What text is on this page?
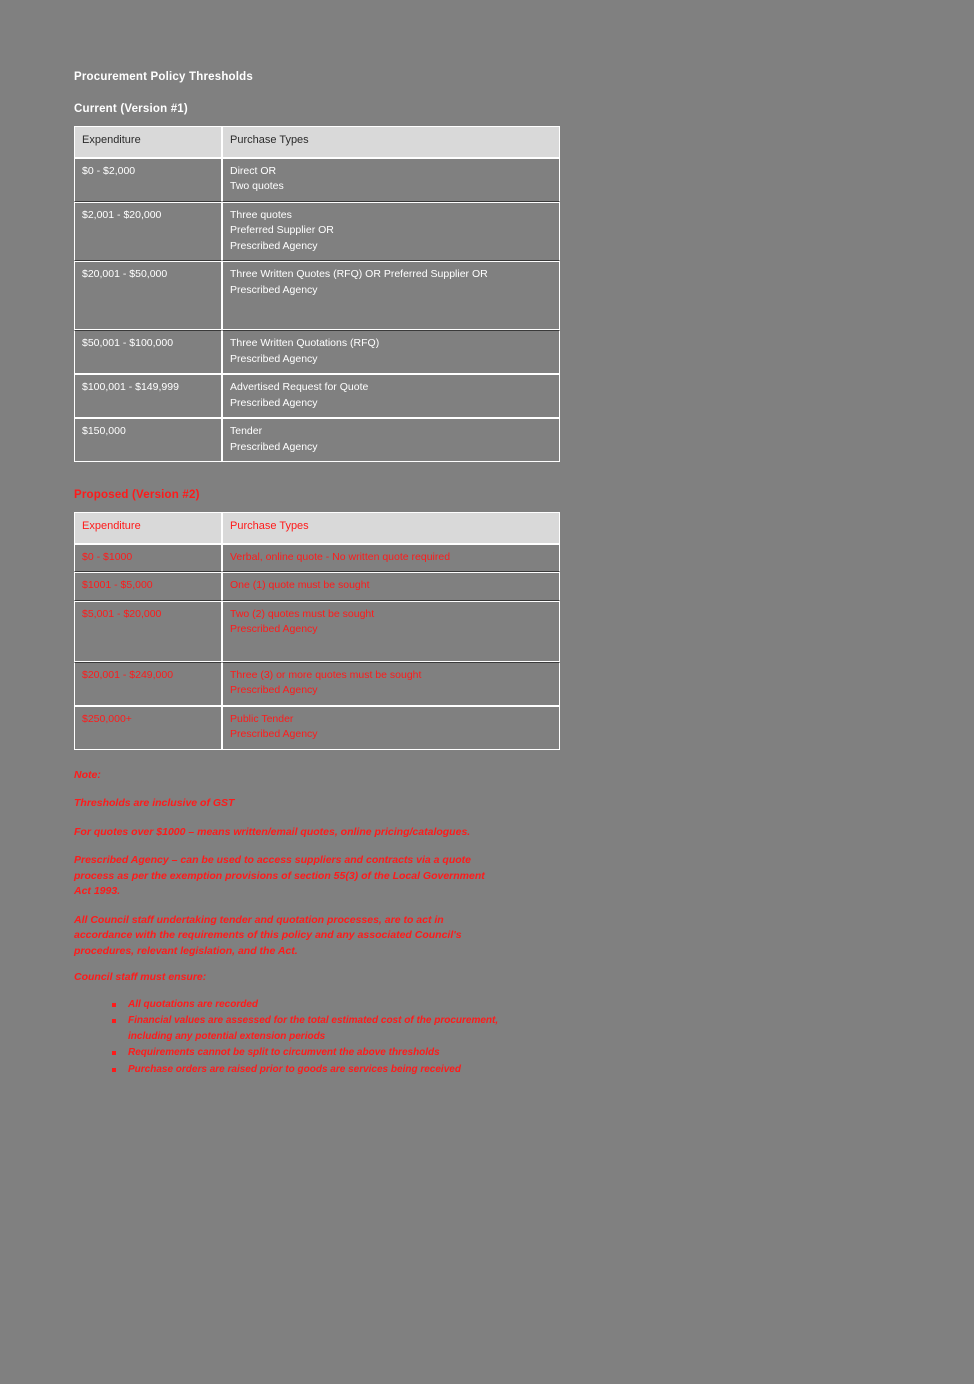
Procurement Policy Thresholds
Current (Version #1)
Expenditure	Purchase Types
$0 - $2,000	Direct OR
Two quotes

$2,001 - $20,000	Three quotes
Preferred Supplier OR
Prescribed Agency

$20,001 - $50,000	Three Written Quotes (RFQ) OR Preferred Supplier OR
Prescribed Agency

$50,001 - $100,000	Three Written Quotations (RFQ)
Prescribed Agency

$100,001 - $149,999	Advertised Request for Quote
Prescribed Agency

$150,000	Tender
Prescribed Agency
Proposed (Version #2)
Expenditure	Purchase Types
$0 - $1000	Verbal, online quote - No written quote required

$1001 - $5,000	One (1) quote must be sought

$5,001 - $20,000	Two (2) quotes must be sought
Prescribed Agency

$20,001 - $249,000	Three (3) or more quotes must be sought
Prescribed Agency

$250,000+	Public Tender
Prescribed Agency

Note:

Thresholds are inclusive of GST

For quotes over $1000 – means written/email quotes, online pricing/catalogues.

Prescribed Agency – can be used to access suppliers and contracts via a quote process as per the exemption provisions of section 55(3) of the Local Government Act 1993.

All Council staff undertaking tender and quotation processes, are to act in accordance with the requirements of this policy and any associated Council's procedures, relevant legislation, and the Act.

Council staff must ensure:

All quotations are recorded
Financial values are assessed for the total estimated cost of the procurement, including any potential extension periods
Requirements cannot be split to circumvent the above thresholds
Purchase orders are raised prior to goods are services being received
